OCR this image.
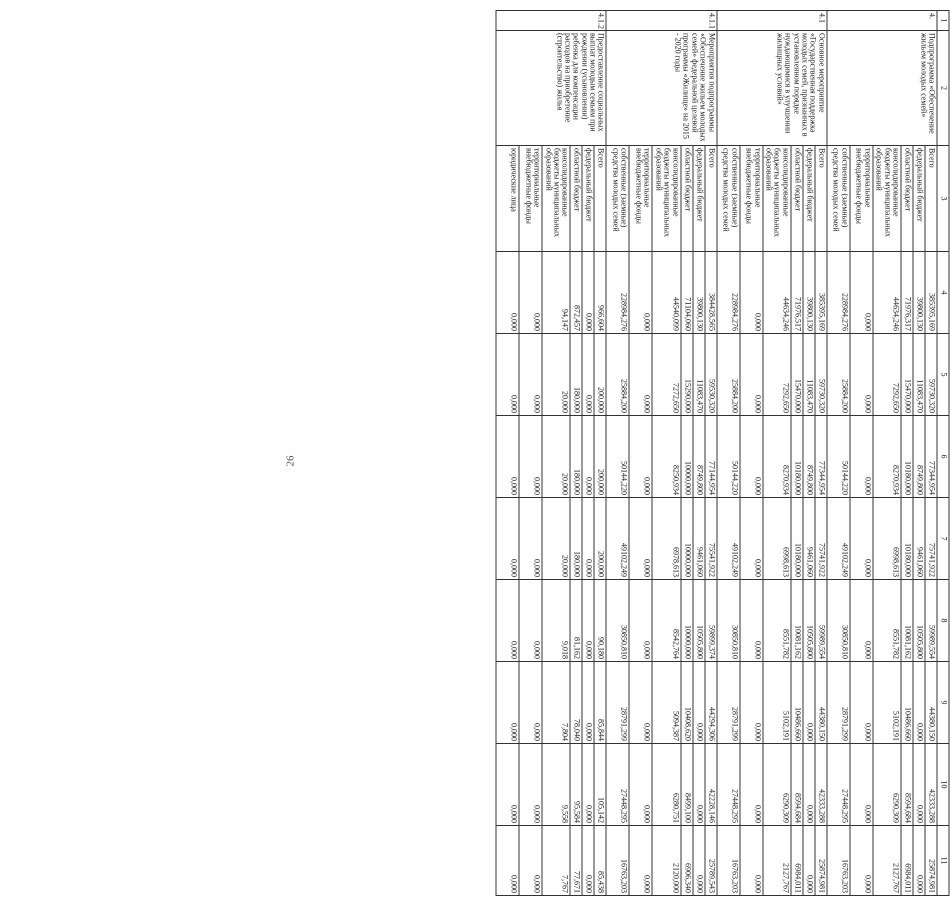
26
1	2	3	4	5	6	7	8	9	10	11
4.	Подпрограмма «Обеспечение жильем молодых семей»	Всего	385395,169	59730,320	77344,954	75741,922	59989,554	44380,150	42333,288	25874,981
		федеральный бюджет	39800,130	11083,470	8749,800	9461,060	10505,800	0,000	0,000	0,000
		областной бюджет	71976,317	15470,000	10180,000	10180,000	10081,162	10486,660	8594,684	6984,011
		консолидированные бюджеты муниципальных образований	44634,246	7292,650	8270,934	6998,613	8551,782	5102,191	6290,309	2127,767
		территориальные внебюджетные фонды	0,000	0,000	0,000	0,000	0,000	0,000	0,000	0,000
		собственные (заемные) средства молодых семей	228984,276	25884,200	50144,220	49102,249	30850,810	28791,299	27448,295	16763,203
4.1	Основное мероприятие «Государственная поддержка молодых семей, признанных в установленном порядке нуждающимися в улучшении жилищных условий»	Всего	385395,169	59730,320	77344,954	75741,922	59989,554	44380,150	42333,288	25874,981
		федеральный бюджет	39800,130	11083,470	8749,800	9461,060	10505,800	0,000	0,000	0,000
		областной бюджет	71976,517	15470,000	10180,000	10180,000	10081,162	10486,660	8594,684	6984,011
		консолидированные бюджеты муниципальных образований	44634,246	7292,650	8270,934	6998,613	8551,782	5102,191	6290,309	2127,767
		территориальные внебюджетные фонды	0,000	0,000	0,000	0,000	0,000	0,000	0,000	0,000
		собственные (заемные) средства молодых семей	228984,276	25884,200	50144,220	49102,249	30850,810	28791,299	27448,295	16763,203
4.1.1	Мероприятия подпрограммы «Обеспечение жильем молодых семей» федеральной целевой программы «Жилище» на 2015 - 2020 годы	Всего	384428,565	59530,320	77144,954	75541,922	59899,374	44294,306	42228,146	25789,543
		федеральный бюджет	39800,130	11083,470	8749,800	9461,060	10505,800	0,000	0,000	0,000
		областной бюджет	71104,060	15290,000	10000,000	10000,000	10000,000	10408,620	8499,100	6906,340
		консолидированные бюджеты муниципальных образований	44540,099	7272,650	8250,934	6978,613	8542,764	5094,387	6280,751	2120,000
		территориальные внебюджетные фонды	0,000	0,000	0,000	0,000	0,000	0,000	0,000	0,000
		собственные (заемные) средства молодых семей	228984,276	25884,200	50144,220	49102,249	30850,810	28791,299	27448,295	16763,203
4.1.2	Предоставление социальных выплат молодым семьям при рождении (усыновлении) ребенка для компенсации расходов на приобретение (строительство) жилья	Всего	966,604	200,000	200,000	200,000	90,180	85,844	105,142	85,438
		федеральный бюджет	0,000	0,000	0,000	0,000	0,000	0,000	0,000	0,000
		областной бюджет	872,457	180,000	180,000	180,000	81,162	78,040	95,584	77,671
		консолидированные бюджеты муниципальных образований	94,147	20,000	20,000	20,000	9,018	7,804	9,558	7,767
		территориальные внебюджетные фонды	0,000	0,000	0,000	0,000	0,000	0,000	0,000	0,000
		юридические лица	0,000	0,000	0,000	0,000	0,000	0,000	0,000	0,000
